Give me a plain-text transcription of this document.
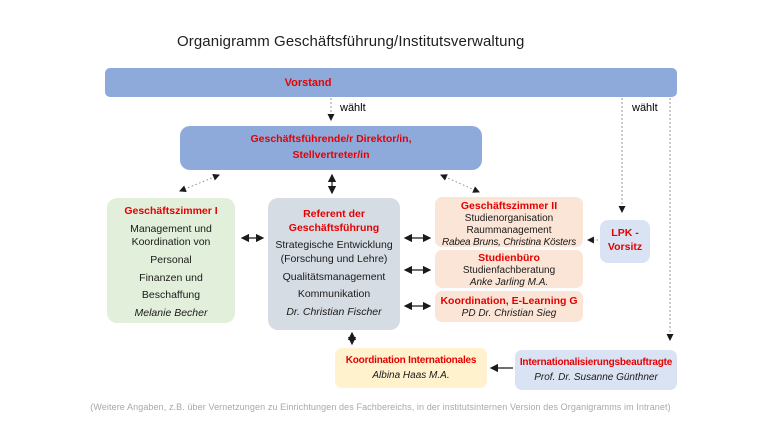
Organigramm Geschäftsführung/Institutsverwaltung
Vorstand
wählt	wählt

Geschäftsführende/r Direktor/in,

Stellvertreter/in

Geschäftszimmer I

Management und Koordination von

Personal

Finanzen und

Beschaffung

Melanie Becher

Referent der Geschäftsführung

Strategische Entwicklung (Forschung und Lehre)

Qualitätsmanagement

Kommunikation

Dr. Christian Fischer

Geschäftszimmer II

Studienorganisation

Raummanagement

Rabea Bruns, Christina Kösters

Studienbüro

Studienfachberatung

Anke Jarling M.A.

Koordination, E-Learning G

PD Dr. Christian Sieg

LPK - Vorsitz

Koordination Internationales

Albina Haas M.A.

Internationalisierungsbeauftragte

Prof. Dr. Susanne Günthner

(Weitere Angaben, z.B. über Vernetzungen zu Einrichtungen des Fachbereichs, in der institutsinternen Version des Organigramms im Intranet)
